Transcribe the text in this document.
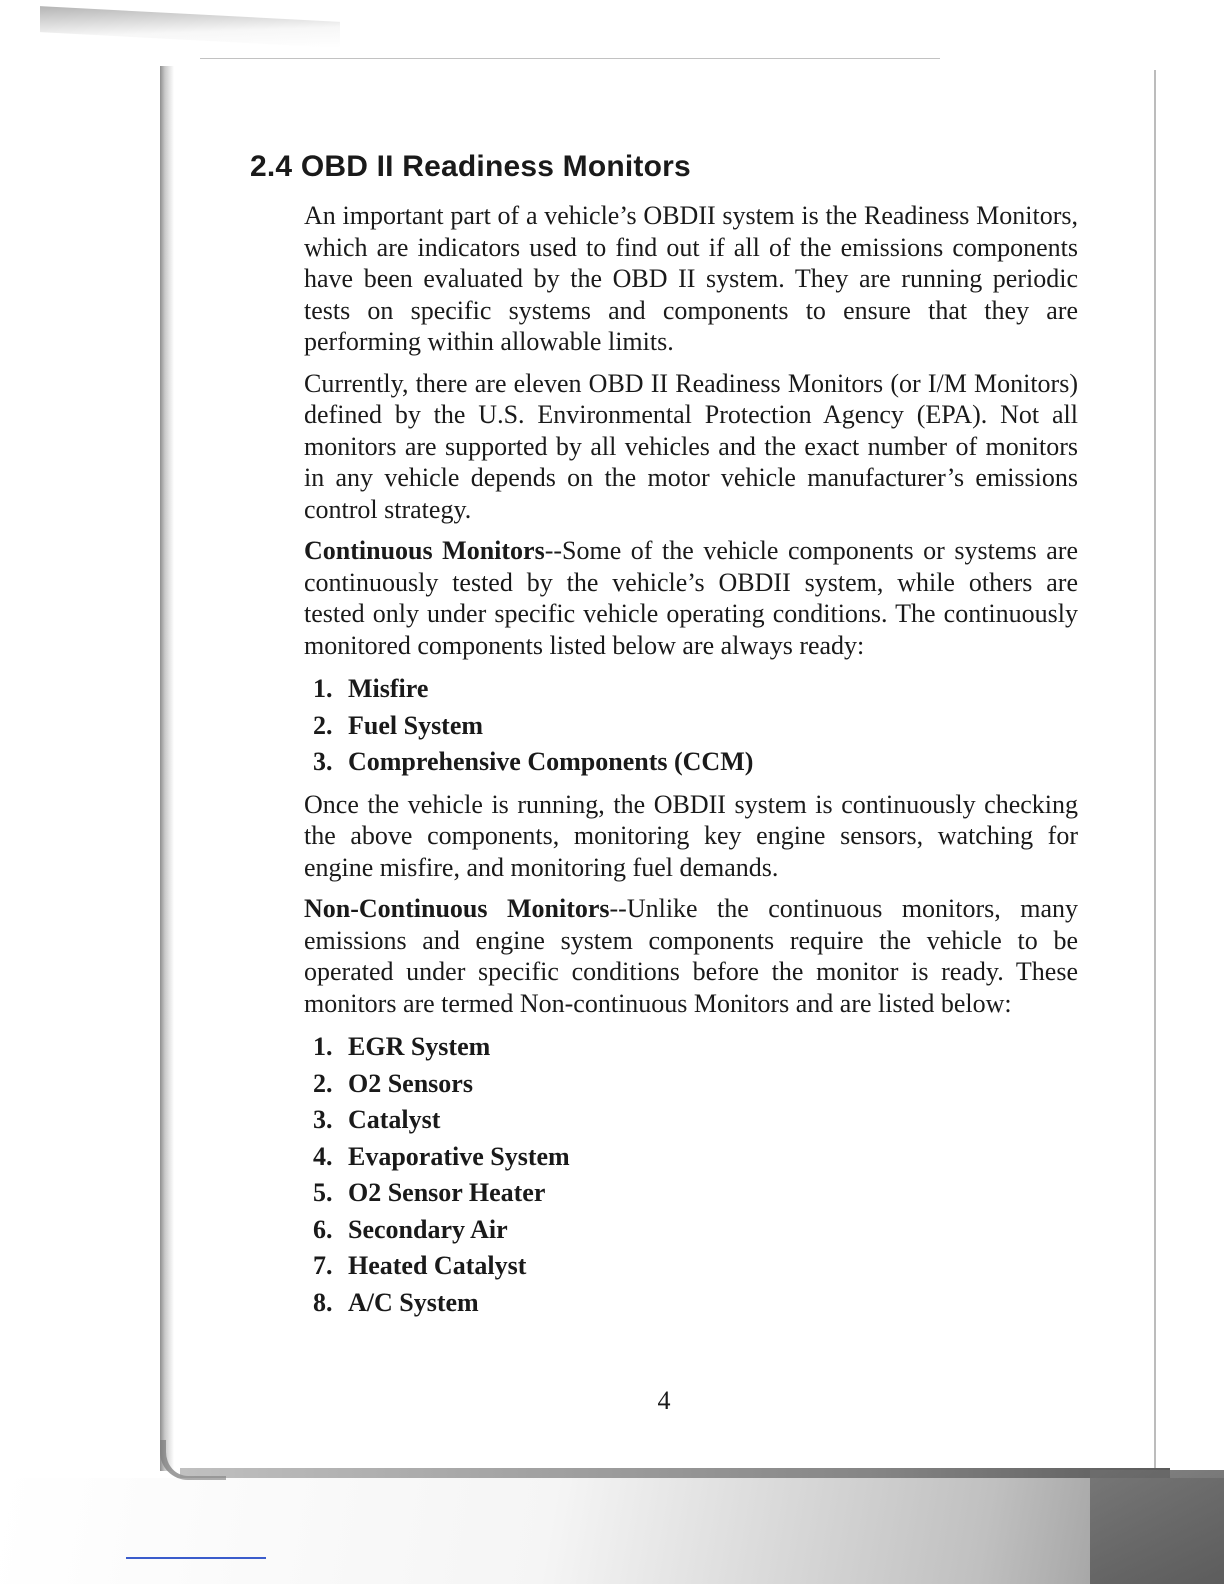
2.4 OBD II Readiness Monitors

An important part of a vehicle’s OBDII system is the Readiness Monitors, which are indicators used to find out if all of the emissions components have been evaluated by the OBD II system. They are running periodic tests on specific systems and components to ensure that they are performing within allowable limits.

Currently, there are eleven OBD II Readiness Monitors (or I/M Monitors) defined by the U.S. Environmental Protection Agency (EPA). Not all monitors are supported by all vehicles and the exact number of monitors in any vehicle depends on the motor vehicle manufacturer’s emissions control strategy.

Continuous Monitors--Some of the vehicle components or systems are continuously tested by the vehicle’s OBDII system, while others are tested only under specific vehicle operating conditions. The continuously monitored components listed below are always ready:

1. Misfire
2. Fuel System
3. Comprehensive Components (CCM)

Once the vehicle is running, the OBDII system is continuously checking the above components, monitoring key engine sensors, watching for engine misfire, and monitoring fuel demands.

Non-Continuous Monitors--Unlike the continuous monitors, many emissions and engine system components require the vehicle to be operated under specific conditions before the monitor is ready. These monitors are termed Non-continuous Monitors and are listed below:

1. EGR System
2. O2 Sensors
3. Catalyst
4. Evaporative System
5. O2 Sensor Heater
6. Secondary Air
7. Heated Catalyst
8. A/C System
4
